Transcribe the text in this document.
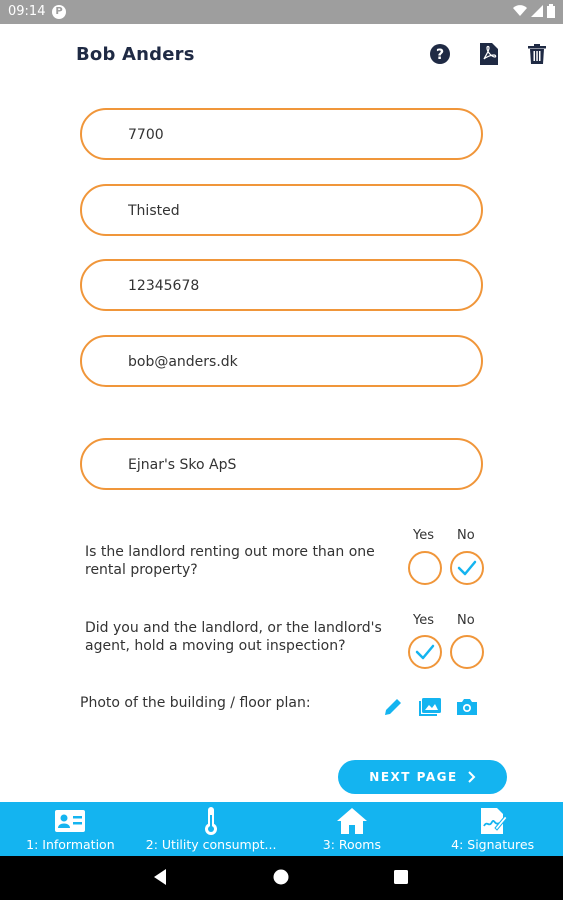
09:14 P
Bob Anders	?
7700
Thisted
12345678
bob@anders.dk
Ejnar's Sko ApS
Is the landlord renting out more than one rental property?
Yes No
Did you and the landlord, or the landlord's agent, hold a moving out inspection?
Yes No
Photo of the building / floor plan:
NEXT PAGE
1: Information 2: Utility consumpt...	3: Rooms	4: Signatures
